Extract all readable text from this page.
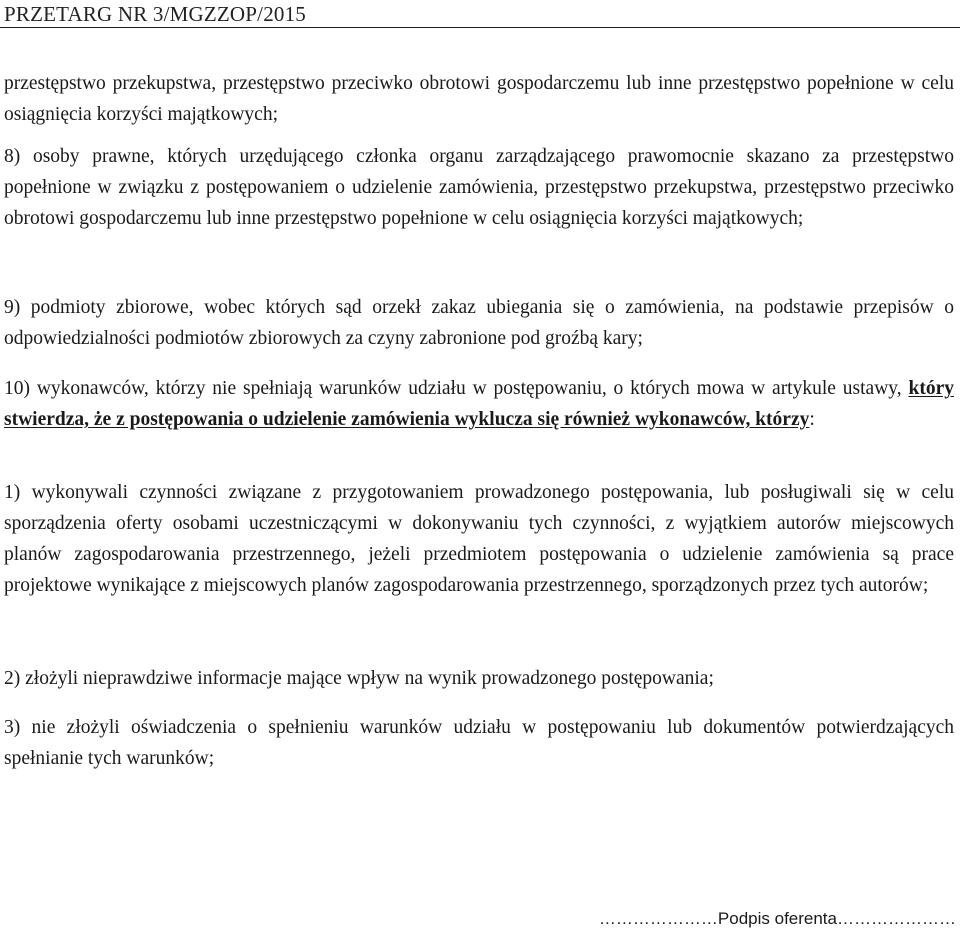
PRZETARG NR 3/MGZZOP/2015
przestępstwo przekupstwa, przestępstwo przeciwko obrotowi gospodarczemu lub inne przestępstwo popełnione w celu osiągnięcia korzyści majątkowych;
8) osoby prawne, których urzędującego członka organu zarządzającego prawomocnie skazano za przestępstwo popełnione w związku z postępowaniem o udzielenie zamówienia, przestępstwo przekupstwa, przestępstwo przeciwko obrotowi gospodarczemu lub inne przestępstwo popełnione w celu osiągnięcia korzyści majątkowych;
9) podmioty zbiorowe, wobec których sąd orzekł zakaz ubiegania się o zamówienia, na podstawie przepisów o odpowiedzialności podmiotów zbiorowych za czyny zabronione pod groźbą kary;
10) wykonawców, którzy nie spełniają warunków udziału w postępowaniu, o których mowa w artykule ustawy, który stwierdza, że z postępowania o udzielenie zamówienia wyklucza się również wykonawców, którzy:
1) wykonywali czynności związane z przygotowaniem prowadzonego postępowania, lub posługiwali się w celu sporządzenia oferty osobami uczestniczącymi w dokonywaniu tych czynności, z wyjątkiem autorów miejscowych planów zagospodarowania przestrzennego, jeżeli przedmiotem postępowania o udzielenie zamówienia są prace projektowe wynikające z miejscowych planów zagospodarowania przestrzennego, sporządzonych przez tych autorów;
2) złożyli nieprawdziwe informacje mające wpływ na wynik prowadzonego postępowania;
3) nie złożyli oświadczenia o spełnieniu warunków udziału w postępowaniu lub dokumentów potwierdzających spełnianie tych warunków;
…………………Podpis oferenta…………………
